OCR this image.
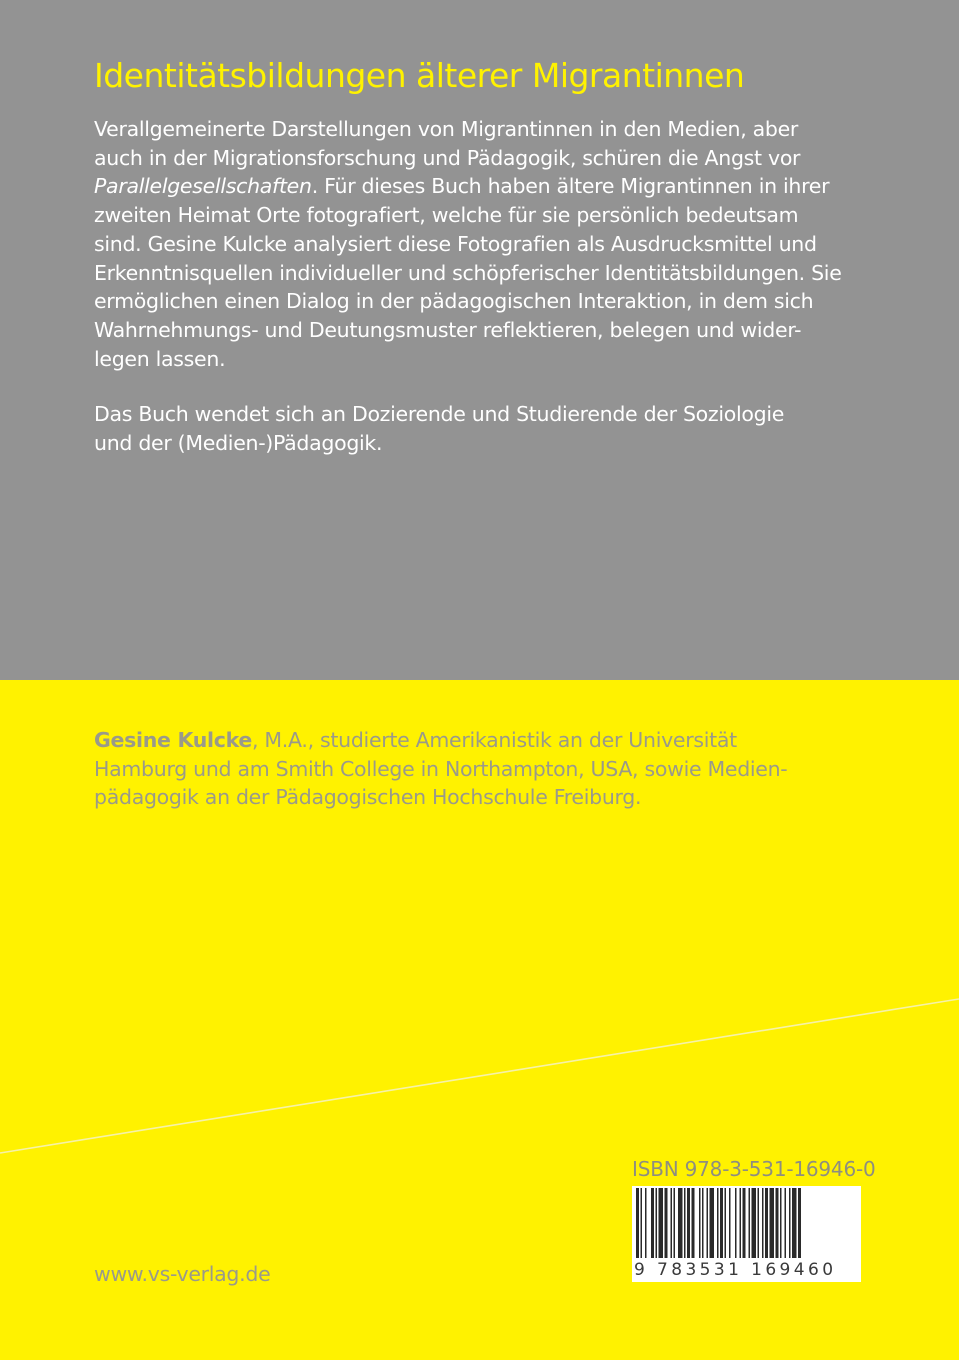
Identitätsbildungen älterer Migrantinnen
Verallgemeinerte Darstellungen von Migrantinnen in den Medien, aber
auch in der Migrationsforschung und Pädagogik, schüren die Angst vor
Parallelgesellschaften. Für dieses Buch haben ältere Migrantinnen in ihrer
zweiten Heimat Orte fotografiert, welche für sie persönlich bedeutsam
sind. Gesine Kulcke analysiert diese Fotografien als Ausdrucksmittel und
Erkenntnisquellen individueller und schöpferischer Identitätsbildungen. Sie
ermöglichen einen Dialog in der pädagogischen Interaktion, in dem sich
Wahrnehmungs- und Deutungsmuster reflektieren, belegen und wider-
legen lassen.
Das Buch wendet sich an Dozierende und Studierende der Soziologie
und der (Medien-)Pädagogik.
Gesine Kulcke, M.A., studierte Amerikanistik an der Universität
Hamburg und am Smith College in Northampton, USA, sowie Medien-
pädagogik an der Pädagogischen Hochschule Freiburg.
ISBN 978-3-531-16946-0
9 783531 169460
www.vs-verlag.de
